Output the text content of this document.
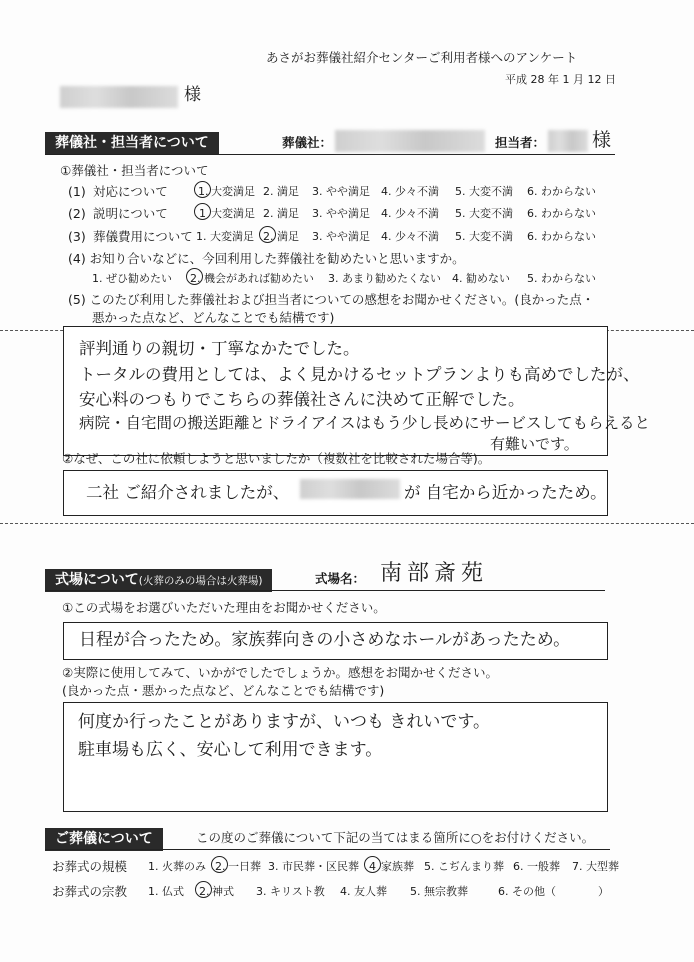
あさがお葬儀社紹介センターご利用者様へのアンケート
平成 28 年 1 月 12 日
様
葬儀社・担当者について	葬儀社：	担当者： 様
①葬儀社・担当者について
(1) 対応について	1. 大変満足 2. 満足 3. やや満足 4. 少々不満 5. 大変不満 6. わからない
(2) 説明について	1 大変満足 2. 満足 3. やや満足 4. 少々不満 5. 大変不満 6. わからない
(3) 葬儀費用について 1. 大変満足 2. 満足 3. やや満足 4. 少々不満 5. 大変不満 6. わからない
(4) お知り合いなどに、今回利用した葬儀社を勧めたいと思いますか。
1. ぜひ勧めたい 2. 機会があれば勧めたい 3. あまり勧めたくない 4. 勧めない 5. わからない
(5) このたび利用した葬儀社および担当者についての感想をお聞かせください。(良かった点・
悪かった点など、どんなことでも結構です)
評判通りの親切・丁寧なかたでした。
トータルの費用としては、よく見かけるセットプランよりも高めでしたが、
安心料のつもりでこちらの葬儀社さんに決めて正解でした。
病院・自宅間の搬送距離とドライアイスはもう少し長めにサービスしてもらえると
有難いです。
②なぜ、この社に依頼しようと思いましたか（複数社を比較された場合等)。
二社 ご紹介されましたが、	が 自宅から近かったため。
式場について(火葬のみの場合は火葬場)	式場名： 南部斎苑
①この式場をお選びいただいた理由をお聞かせください。
日程が合ったため。家族葬向きの小さめなホールがあったため。
②実際に使用してみて、いかがでしたでしょうか。感想をお聞かせください。
(良かった点・悪かった点など、どんなことでも結構です)
何度か行ったことがありますが、いつも きれいです。
駐車場も広く、安心して利用できます。
ご葬儀について	この度のご葬儀について下記の当てはまる箇所に○をお付けください。
お葬式の規模 1. 火葬のみ 2. 一日葬 3. 市民葬・区民葬 4 家族葬 5. こぢんまり葬 6. 一般葬 7. 大型葬
お葬式の宗教 1. 仏式 2. 神式 3. キリスト教 4. 友人葬 5. 無宗教葬	6. その他（	）
